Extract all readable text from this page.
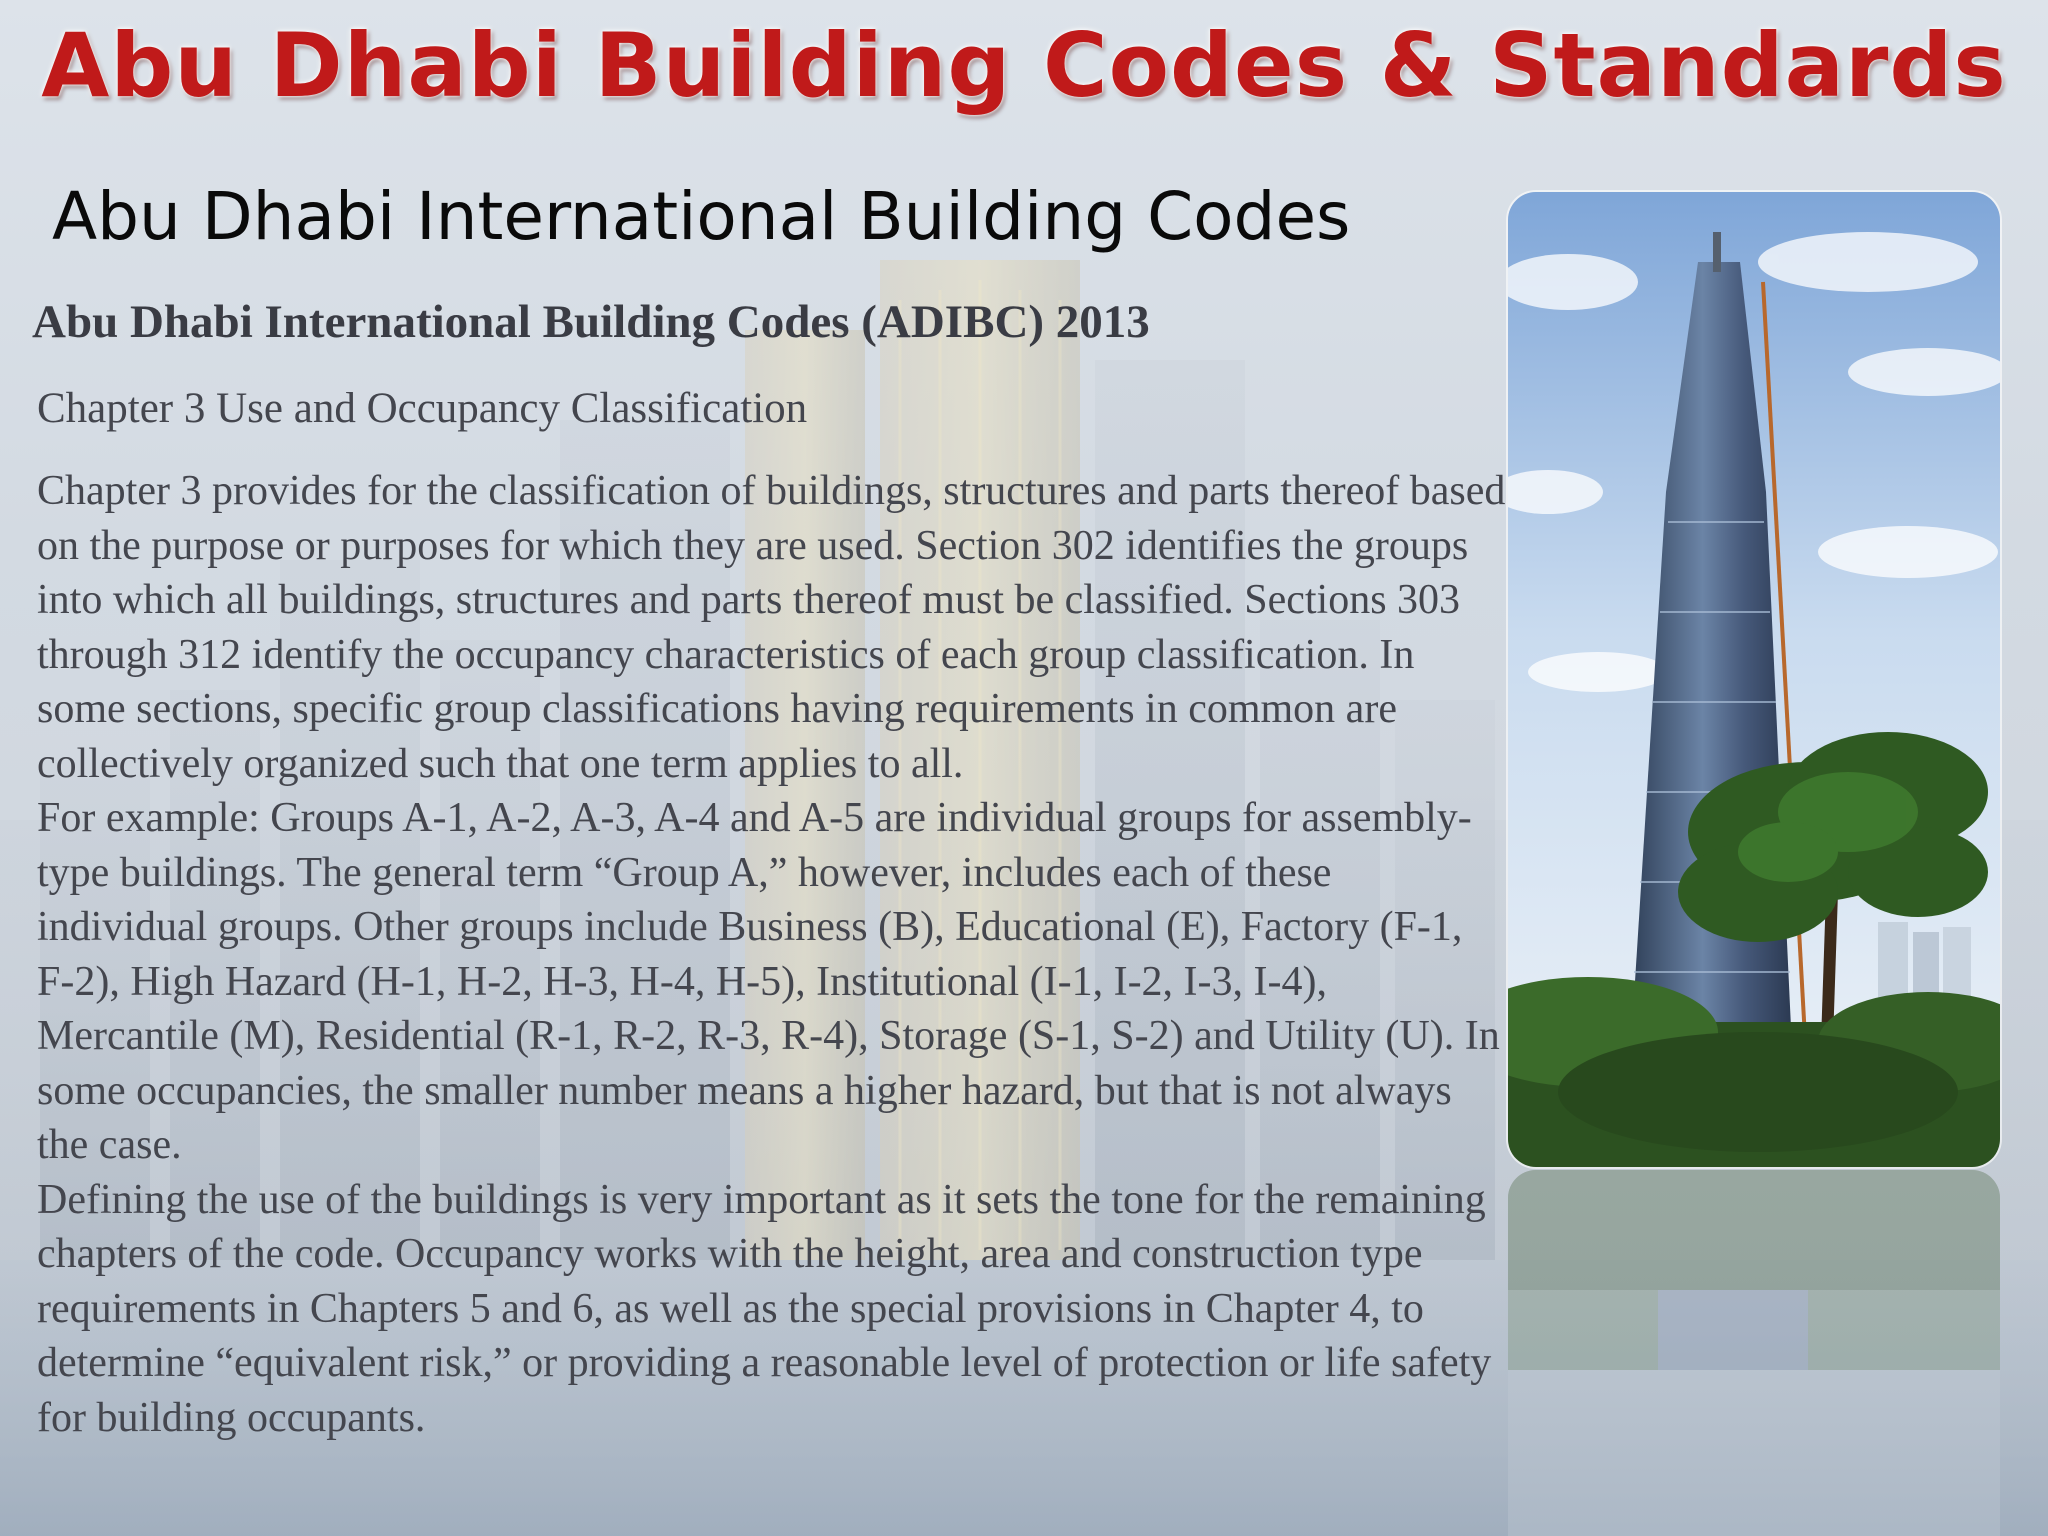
Abu Dhabi Building Codes & Standards
Abu Dhabi International Building Codes
Abu Dhabi International Building Codes (ADIBC) 2013
Chapter 3 Use and Occupancy Classification

Chapter 3 provides for the classification of buildings, structures and parts thereof based on the purpose or purposes for which they are used. Section 302 identifies the groups into which all buildings, structures and parts thereof must be classified. Sections 303 through 312 identify the occupancy characteristics of each group classification. In some sections, specific group classifications having requirements in common are collectively organized such that one term applies to all.

For example: Groups A-1, A-2, A-3, A-4 and A-5 are individual groups for assembly-type buildings. The general term “Group A,” however, includes each of these individual groups. Other groups include Business (B), Educational (E), Factory (F-1, F-2), High Hazard (H-1, H-2, H-3, H-4, H-5), Institutional (I-1, I-2, I-3, I-4), Mercantile (M), Residential (R-1, R-2, R-3, R-4), Storage (S-1, S-2) and Utility (U). In some occupancies, the smaller number means a higher hazard, but that is not always the case.

Defining the use of the buildings is very important as it sets the tone for the remaining chapters of the code. Occupancy works with the height, area and construction type requirements in Chapters 5 and 6, as well as the special provisions in Chapter 4, to determine “equivalent risk,” or providing a reasonable level of protection or life safety for building occupants.
